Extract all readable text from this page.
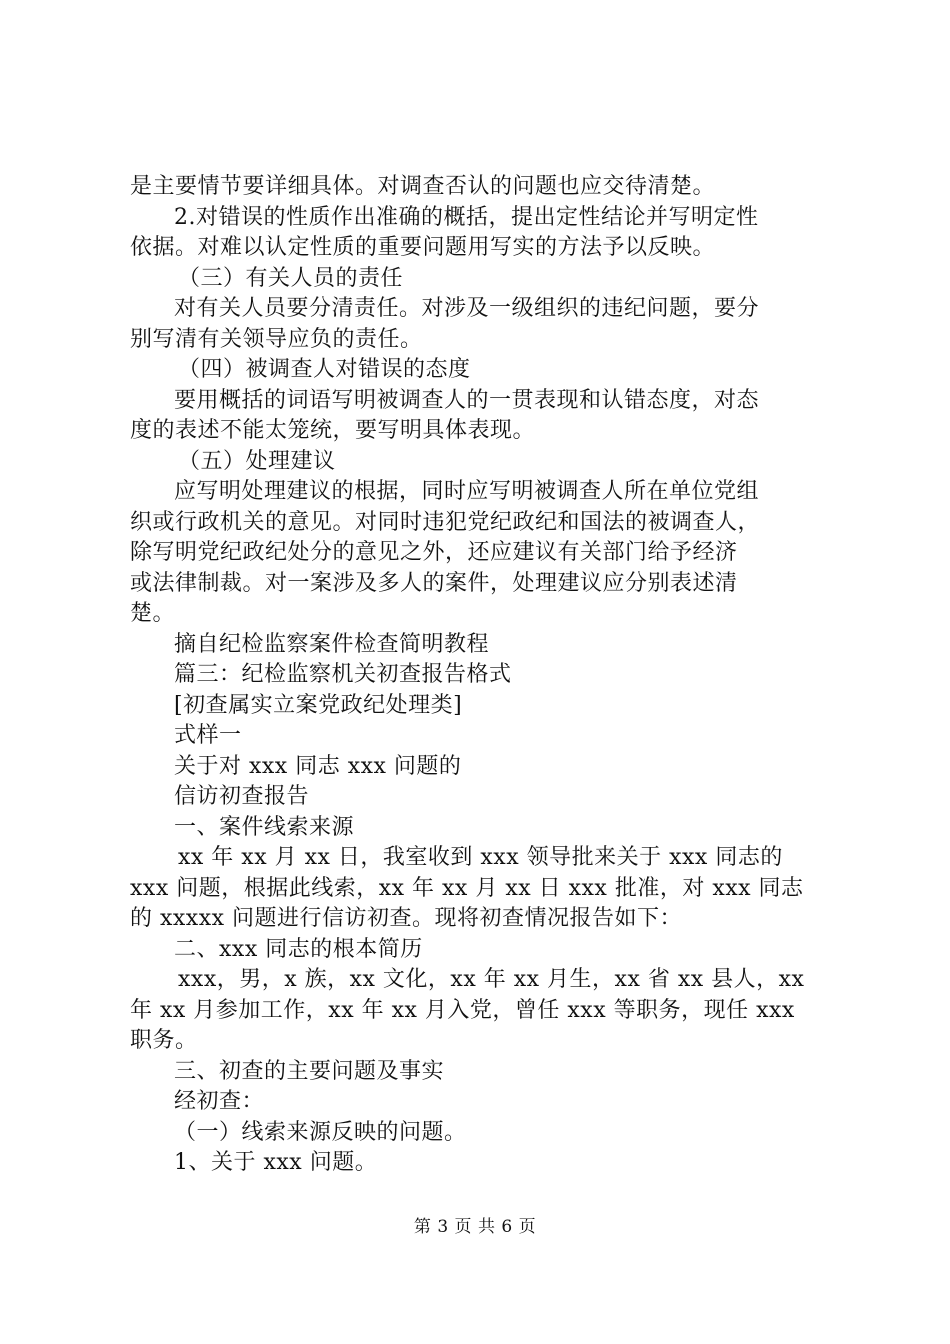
是主要情节要详细具体。对调查否认的问题也应交待清楚。
2.对错误的性质作出准确的概括，提出定性结论并写明定性
依据。对难以认定性质的重要问题用写实的方法予以反映。
（三）有关人员的责任
对有关人员要分清责任。对涉及一级组织的违纪问题，要分
别写清有关领导应负的责任。
（四）被调查人对错误的态度
要用概括的词语写明被调查人的一贯表现和认错态度，对态
度的表述不能太笼统，要写明具体表现。
（五）处理建议
应写明处理建议的根据，同时应写明被调查人所在单位党组
织或行政机关的意见。对同时违犯党纪政纪和国法的被调查人，
除写明党纪政纪处分的意见之外，还应建议有关部门给予经济
或法律制裁。对一案涉及多人的案件，处理建议应分别表述清
楚。
摘自纪检监察案件检查简明教程
篇三：纪检监察机关初查报告格式
[初查属实立案党政纪处理类]
式样一
关于对 xxx 同志 xxx 问题的
信访初查报告
一、案件线索来源
xx 年 xx 月 xx 日，我室收到 xxx 领导批来关于 xxx 同志的
xxx 问题，根据此线索，xx 年 xx 月 xx 日 xxx 批准，对 xxx 同志
的 xxxxx 问题进行信访初查。现将初查情况报告如下：
二、xxx 同志的根本简历
xxx，男，x 族，xx 文化，xx 年 xx 月生，xx 省 xx 县人，xx
年 xx 月参加工作，xx 年 xx 月入党，曾任 xxx 等职务，现任 xxx
职务。
三、初查的主要问题及事实
经初查：
（一）线索来源反映的问题。
1、关于 xxx 问题。
第 3 页 共 6 页
